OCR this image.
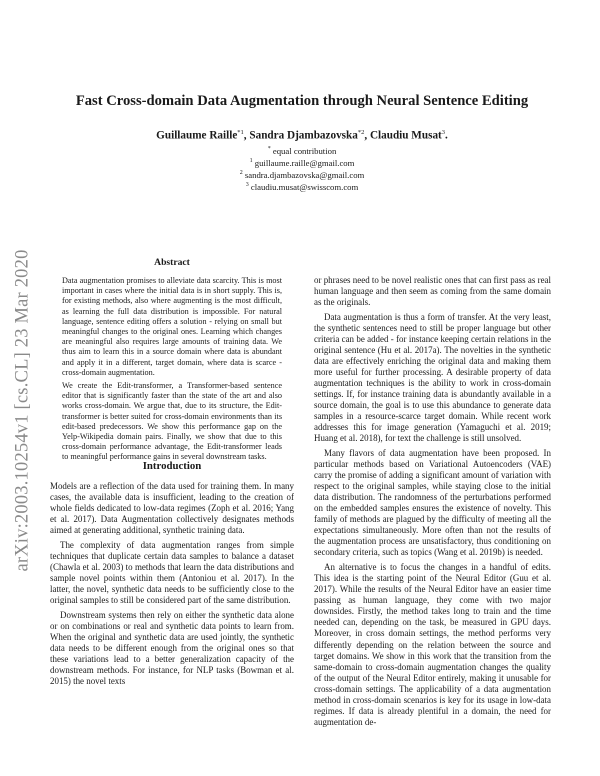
arXiv:2003.10254v1 [cs.CL] 23 Mar 2020
Fast Cross-domain Data Augmentation through Neural Sentence Editing
Guillaume Raille$^{*1}$, Sandra Djambazovska$^{*2}$, Claudiu Musat$^3$.
* equal contribution
$^1$ guillaume.raille@gmail.com
$^2$ sandra.djambazovska@gmail.com
$^3$ claudiu.musat@swisscom.com
Abstract

Data augmentation promises to alleviate data scarcity. This is most important in cases where the initial data is in short supply. This is, for existing methods, also where augmenting is the most difficult, as learning the full data distribution is impossible. For natural language, sentence editing offers a solution - relying on small but meaningful changes to the original ones. Learning which changes are meaningful also requires large amounts of training data. We thus aim to learn this in a source domain where data is abundant and apply it in a different, target domain, where data is scarce - cross-domain augmentation.

We create the Edit-transformer, a Transformer-based sentence editor that is significantly faster than the state of the art and also works cross-domain. We argue that, due to its structure, the Edit-transformer is better suited for cross-domain environments than its edit-based predecessors. We show this performance gap on the Yelp-Wikipedia domain pairs. Finally, we show that due to this cross-domain performance advantage, the Edit-transformer leads to meaningful performance gains in several downstream tasks.

Introduction

Models are a reflection of the data used for training them. In many cases, the available data is insufficient, leading to the creation of whole fields dedicated to low-data regimes (Zoph et al. 2016; Yang et al. 2017). Data Augmentation collectively designates methods aimed at generating additional, synthetic training data.

The complexity of data augmentation ranges from simple techniques that duplicate certain data samples to balance a dataset (Chawla et al. 2003) to methods that learn the data distributions and sample novel points within them (Antoniou et al. 2017). In the latter, the novel, synthetic data needs to be sufficiently close to the original samples to still be considered part of the same distribution.

Downstream systems then rely on either the synthetic data alone or on combinations or real and synthetic data points to learn from. When the original and synthetic data are used jointly, the synthetic data needs to be different enough from the original ones so that these variations lead to a better generalization capacity of the downstream methods. For instance, for NLP tasks (Bowman et al. 2015) the novel texts

or phrases need to be novel realistic ones that can first pass as real human language and then seem as coming from the same domain as the originals.

Data augmentation is thus a form of transfer. At the very least, the synthetic sentences need to still be proper language but other criteria can be added - for instance keeping certain relations in the original sentence (Hu et al. 2017a). The novelties in the synthetic data are effectively enriching the original data and making them more useful for further processing. A desirable property of data augmentation techniques is the ability to work in cross-domain settings. If, for instance training data is abundantly available in a source domain, the goal is to use this abundance to generate data samples in a resource-scarce target domain. While recent work addresses this for image generation (Yamaguchi et al. 2019; Huang et al. 2018), for text the challenge is still unsolved.

Many flavors of data augmentation have been proposed. In particular methods based on Variational Autoencoders (VAE) carry the promise of adding a significant amount of variation with respect to the original samples, while staying close to the initial data distribution. The randomness of the perturbations performed on the embedded samples ensures the existence of novelty. This family of methods are plagued by the difficulty of meeting all the expectations simultaneously. More often than not the results of the augmentation process are unsatisfactory, thus conditioning on secondary criteria, such as topics (Wang et al. 2019b) is needed.

An alternative is to focus the changes in a handful of edits. This idea is the starting point of the Neural Editor (Guu et al. 2017). While the results of the Neural Editor have an easier time passing as human language, they come with two major downsides. Firstly, the method takes long to train and the time needed can, depending on the task, be measured in GPU days. Moreover, in cross domain settings, the method performs very differently depending on the relation between the source and target domains. We show in this work that the transition from the same-domain to cross-domain augmentation changes the quality of the output of the Neural Editor entirely, making it unusable for cross-domain settings. The applicability of a data augmentation method in cross-domain scenarios is key for its usage in low-data regimes. If data is already plentiful in a domain, the need for augmentation de-
